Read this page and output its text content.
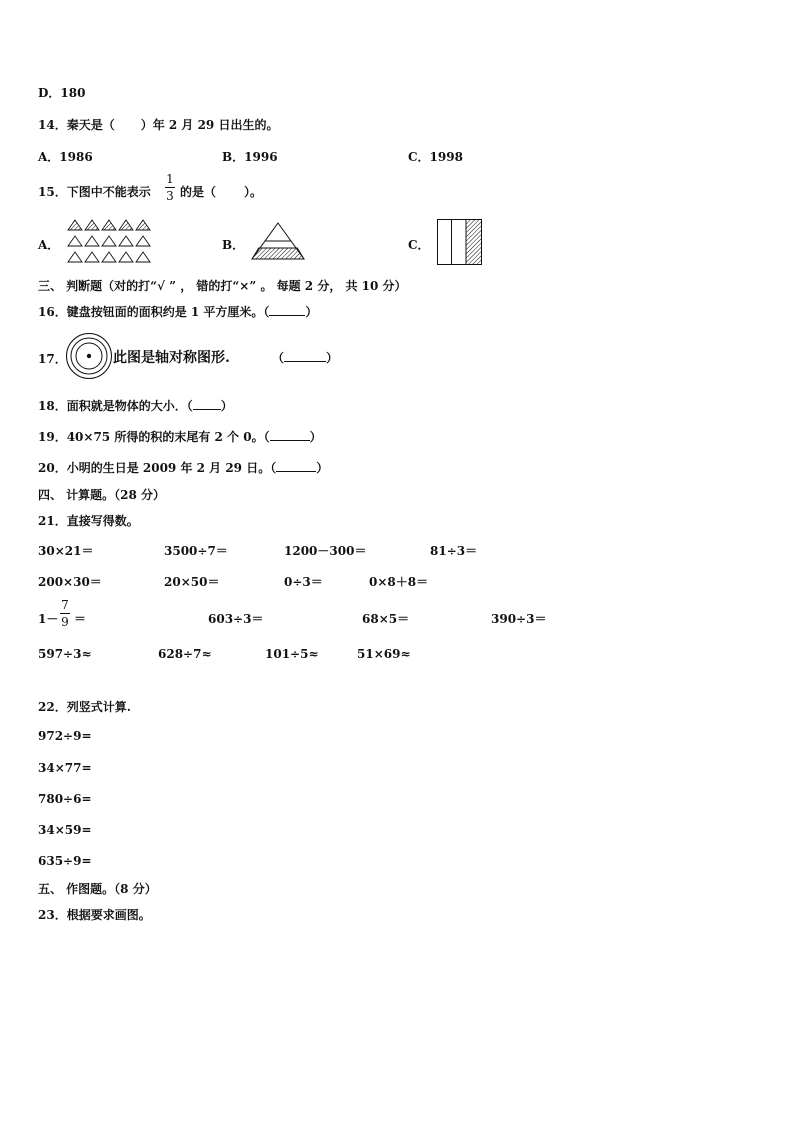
D．180
14．秦天是（ ）年 2 月 29 日出生的。
A．1986	B．1996	C．1998
15．下图中不能表示
1
3 的是（ ）。
A．	B．	C．
三、 判断题（对的打“√ ” ， 错的打“×” 。 每题 2 分， 共 10 分）
16．键盘按钮面的面积约是 1 平方厘米。（	）
17．	此图是轴对称图形.	（	）
18．面积就是物体的大小．（ ）
19．40×75 所得的积的末尾有 2 个 0。（	）
20．小明的生日是 2009 年 2 月 29 日。（	）
四、 计算题。（28 分）
21．直接写得数。
30×21＝	3500÷7＝	1200－300＝	81÷3＝
200×30＝	20×50＝	0÷3＝	0×8＋8＝
1－
7
9 ＝	603÷3＝	68×5＝	390÷3＝
597÷3≈	628÷7≈	101÷5≈	51×69≈
22．列竖式计算.
972÷9=
34×77=
780÷6=
34×59=
635÷9=
五、 作图题。（8 分）
23．根据要求画图。
